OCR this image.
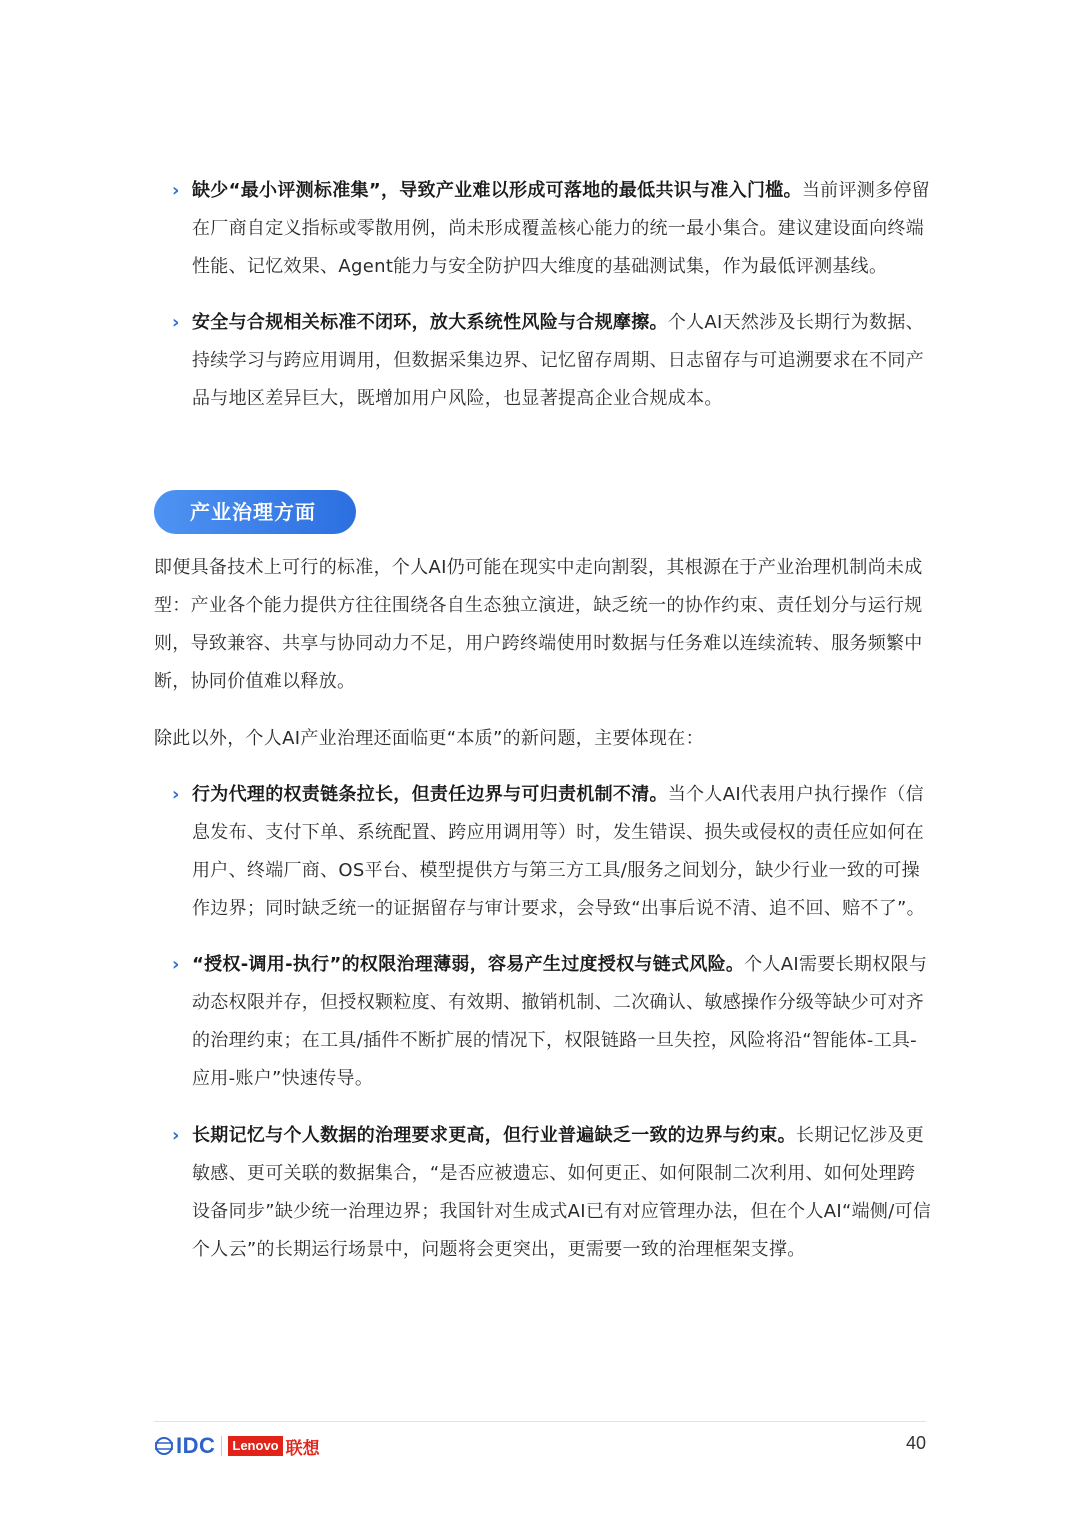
› 缺少“最小评测标准集”，导致产业难以形成可落地的最低共识与准入门槛。当前评测多停留在厂商自定义指标或零散用例，尚未形成覆盖核心能力的统一最小集合。建议建设面向终端性能、记忆效果、Agent能力与安全防护四大维度的基础测试集，作为最低评测基线。
› 安全与合规相关标准不闭环，放大系统性风险与合规摩擦。个人AI天然涉及长期行为数据、持续学习与跨应用调用，但数据采集边界、记忆留存周期、日志留存与可追溯要求在不同产品与地区差异巨大，既增加用户风险，也显著提高企业合规成本。
产业治理方面

即便具备技术上可行的标准，个人AI仍可能在现实中走向割裂，其根源在于产业治理机制尚未成型：产业各个能力提供方往往围绕各自生态独立演进，缺乏统一的协作约束、责任划分与运行规则，导致兼容、共享与协同动力不足，用户跨终端使用时数据与任务难以连续流转、服务频繁中断，协同价值难以释放。

除此以外，个人AI产业治理还面临更“本质”的新问题，主要体现在：

› 行为代理的权责链条拉长，但责任边界与可归责机制不清。当个人AI代表用户执行操作（信息发布、支付下单、系统配置、跨应用调用等）时，发生错误、损失或侵权的责任应如何在用户、终端厂商、OS平台、模型提供方与第三方工具/服务之间划分，缺少行业一致的可操作边界；同时缺乏统一的证据留存与审计要求，会导致“出事后说不清、追不回、赔不了”。
› “授权-调用-执行”的权限治理薄弱，容易产生过度授权与链式风险。个人AI需要长期权限与动态权限并存，但授权颗粒度、有效期、撤销机制、二次确认、敏感操作分级等缺少可对齐的治理约束；在工具/插件不断扩展的情况下，权限链路一旦失控，风险将沿“智能体-工具-应用-账户”快速传导。
› 长期记忆与个人数据的治理要求更高，但行业普遍缺乏一致的边界与约束。长期记忆涉及更敏感、更可关联的数据集合，“是否应被遗忘、如何更正、如何限制二次利用、如何处理跨设备同步”缺少统一治理边界；我国针对生成式AI已有对应管理办法，但在个人AI“端侧/可信个人云”的长期运行场景中，问题将会更突出，更需要一致的治理框架支撑。
IDC	Lenovo 联想	40
